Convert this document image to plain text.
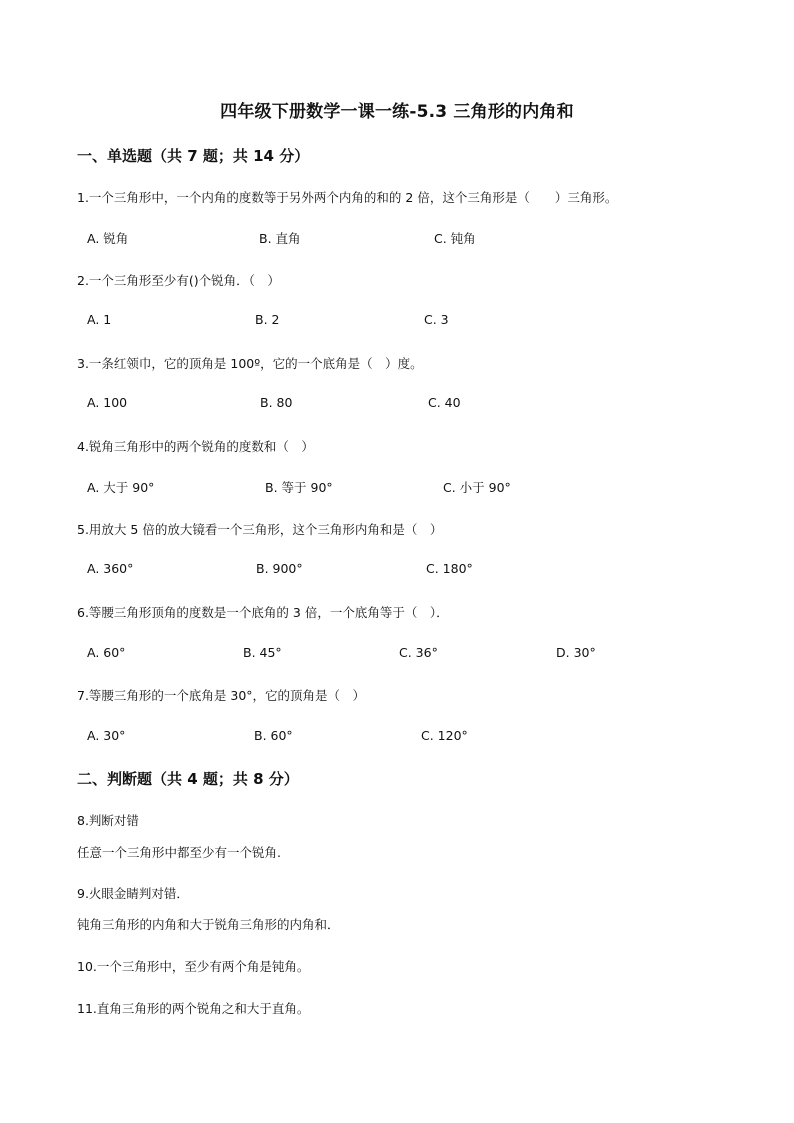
四年级下册数学一课一练-5.3 三角形的内角和
一、单选题（共 7 题；共 14 分）
1.一个三角形中，一个内角的度数等于另外两个内角的和的 2 倍，这个三角形是（　　）三角形。
A. 锐角	B. 直角	C. 钝角
2.一个三角形至少有()个锐角．（　）
A. 1	B. 2	C. 3
3.一条红领巾，它的顶角是 100º，它的一个底角是（　）度。
A. 100	B. 80	C. 40
4.锐角三角形中的两个锐角的度数和（　）
A. 大于 90°	B. 等于 90°	C. 小于 90°
5.用放大 5 倍的放大镜看一个三角形，这个三角形内角和是（　）
A. 360°	B. 900°	C. 180°
6.等腰三角形顶角的度数是一个底角的 3 倍，一个底角等于（　）．
A. 60°	B. 45°	C. 36°	D. 30°
7.等腰三角形的一个底角是 30°，它的顶角是（　）
A. 30°	B. 60°	C. 120°
二、判断题（共 4 题；共 8 分）
8.判断对错
任意一个三角形中都至少有一个锐角.
9.火眼金睛判对错．
钝角三角形的内角和大于锐角三角形的内角和．
10.一个三角形中，至少有两个角是钝角。
11.直角三角形的两个锐角之和大于直角。
